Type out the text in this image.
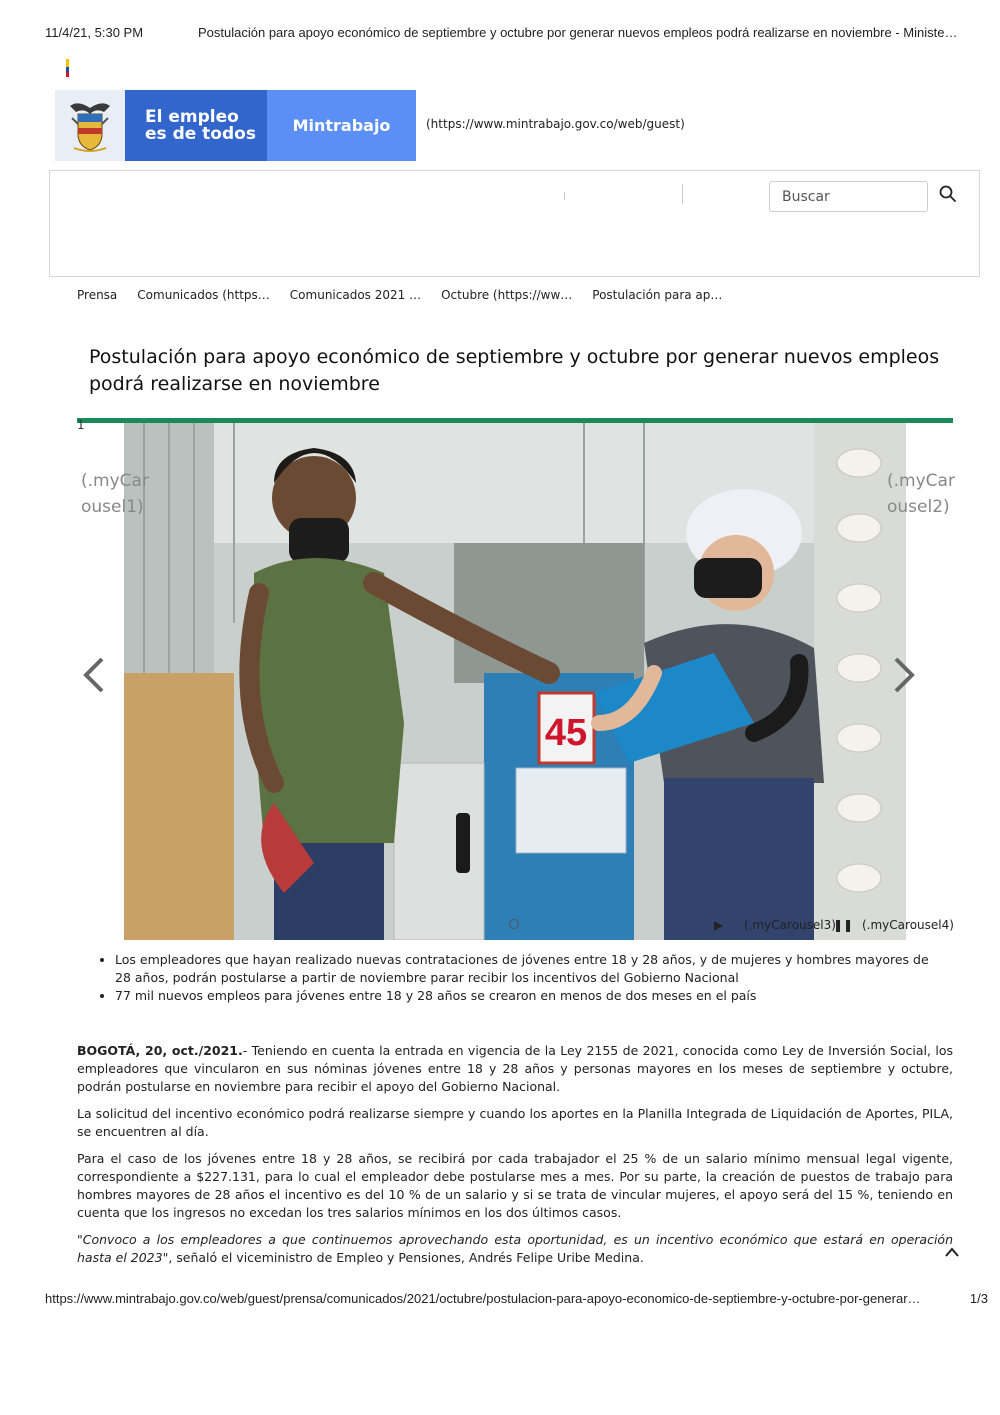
11/4/21, 5:30 PM	Postulación para apoyo económico de septiembre y octubre por generar nuevos empleos podrá realizarse en noviembre - Ministe…
El empleo
es de todos	Mintrabajo	(https://www.mintrabajo.gov.co/web/guest)
Buscar
Prensa Comunicados (https… Comunicados 2021 … Octubre (https://ww… Postulación para ap…
Postulación para apoyo económico de septiembre y octubre por generar nuevos empleos podrá realizarse en noviembre
1
45
(.myCarousel1)
(.myCarousel2)
▶ (.myCarousel3)
❚❚ (.myCarousel4)
• Los empleadores que hayan realizado nuevas contrataciones de jóvenes entre 18 y 28 años, y de mujeres y hombres mayores de 28 años, podrán postularse a partir de noviembre parar recibir los incentivos del Gobierno Nacional
• 77 mil nuevos empleos para jóvenes entre 18 y 28 años se crearon en menos de dos meses en el país

BOGOTÁ, 20, oct./2021.- Teniendo en cuenta la entrada en vigencia de la Ley 2155 de 2021, conocida como Ley de Inversión Social, los empleadores que vincularon en sus nóminas jóvenes entre 18 y 28 años y personas mayores en los meses de septiembre y octubre, podrán postularse en noviembre para recibir el apoyo del Gobierno Nacional.

La solicitud del incentivo económico podrá realizarse siempre y cuando los aportes en la Planilla Integrada de Liquidación de Aportes, PILA, se encuentren al día.

Para el caso de los jóvenes entre 18 y 28 años, se recibirá por cada trabajador el 25 % de un salario mínimo mensual legal vigente, correspondiente a $227.131, para lo cual el empleador debe postularse mes a mes. Por su parte, la creación de puestos de trabajo para hombres mayores de 28 años el incentivo es del 10 % de un salario y si se trata de vincular mujeres, el apoyo será del 15 %, teniendo en cuenta que los ingresos no excedan los tres salarios mínimos en los dos últimos casos.

"Convoco a los empleadores a que continuemos aprovechando esta oportunidad, es un incentivo económico que estará en operación hasta el 2023", señaló el viceministro de Empleo y Pensiones, Andrés Felipe Uribe Medina.

https://www.mintrabajo.gov.co/web/guest/prensa/comunicados/2021/octubre/postulacion-para-apoyo-economico-de-septiembre-y-octubre-por-generar…	1/3
